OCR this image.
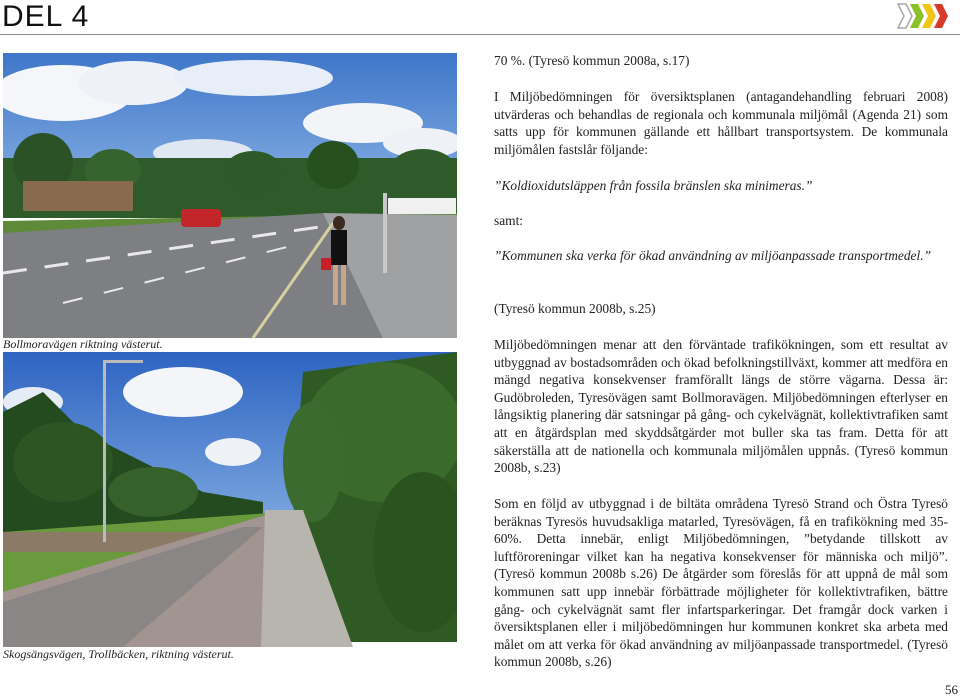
DEL 4
Bollmoravägen riktning västerut.
Skogsängsvägen, Trollbäcken, riktning västerut.

70 %. (Tyresö kommun 2008a, s.17)

I Miljöbedömningen för översiktsplanen (antagandehandling februari 2008) utvärderas och behandlas de regionala och kommunala miljömål (Agenda 21) som satts upp för kommunen gällande ett hållbart transportsystem. De kommunala miljömålen fastslår följande:

”Koldioxidutsläppen från fossila bränslen ska minimeras.”

samt:

”Kommunen ska verka för ökad användning av miljöanpassade transportmedel.”

(Tyresö kommun 2008b, s.25)

Miljöbedömningen menar att den förväntade trafikökningen, som ett resultat av utbyggnad av bostadsområden och ökad befolkningstillväxt, kommer att medföra en mängd negativa konsekvenser framförallt längs de större vägarna. Dessa är: Gudöbroleden, Tyresövägen samt Bollmoravägen. Miljöbedömningen efterlyser en långsiktig planering där satsningar på gång- och cykelvägnät, kollektivtrafiken samt att en åtgärdsplan med skyddsåtgärder mot buller ska tas fram. Detta för att säkerställa att de nationella och kommunala miljömålen uppnås. (Tyresö kommun 2008b, s.23)

Som en följd av utbyggnad i de biltäta områdena Tyresö Strand och Östra Tyresö beräknas Tyresös huvudsakliga matarled, Tyresövägen, få en trafikökning med 35-60%. Detta innebär, enligt Miljöbedömningen, ”betydande tillskott av luftföroreningar vilket kan ha negativa konsekvenser för människa och miljö”. (Tyresö kommun 2008b s.26) De åtgärder som föreslås för att uppnå de mål som kommunen satt upp innebär förbättrade möjligheter för kollektivtrafiken, bättre gång- och cykelvägnät samt fler infartsparkeringar. Det framgår dock varken i översiktsplanen eller i miljöbedömningen hur kommunen konkret ska arbeta med målet om att verka för ökad användning av miljöanpassade transportmedel. (Tyresö kommun 2008b, s.26)

56
